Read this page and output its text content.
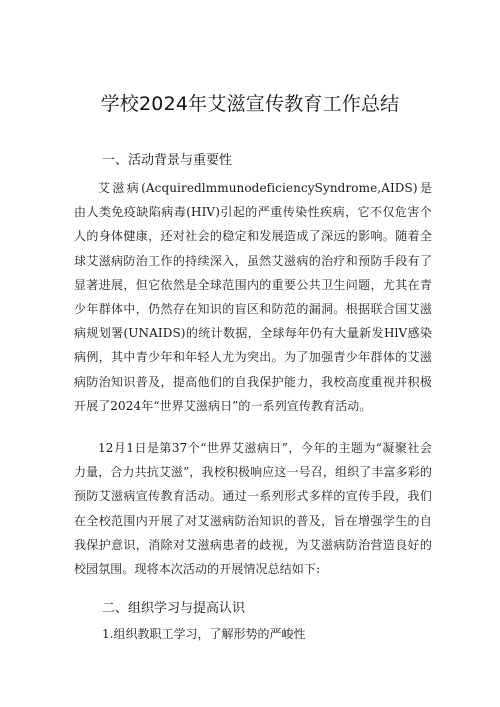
学校2024年艾滋宣传教育工作总结
一、活动背景与重要性

艾滋病(AcquiredlmmunodeficiencySyndrome,AIDS)是由人类免疫缺陷病毒(HIV)引起的严重传染性疾病，它不仅危害个人的身体健康，还对社会的稳定和发展造成了深远的影响。随着全球艾滋病防治工作的持续深入，虽然艾滋病的治疗和预防手段有了显著进展，但它依然是全球范围内的重要公共卫生问题，尤其在青少年群体中，仍然存在知识的盲区和防范的漏洞。根据联合国艾滋病规划署(UNAIDS)的统计数据，全球每年仍有大量新发HlV感染病例，其中青少年和年轻人尤为突出。为了加强青少年群体的艾滋病防治知识普及，提高他们的自我保护能力，我校高度重视并积极开展了2024年“世界艾滋病日”的一系列宣传教育活动。

12月1日是第37个“世界艾滋病日”，今年的主题为“凝聚社会力量，合力共抗艾滋”，我校积极响应这一号召，组织了丰富多彩的预防艾滋病宣传教育活动。通过一系列形式多样的宣传手段，我们在全校范围内开展了对艾滋病防治知识的普及，旨在增强学生的自我保护意识，消除对艾滋病患者的歧视，为艾滋病防治营造良好的校园氛围。现将本次活动的开展情况总结如下:

二、组织学习与提高认识
1.组织教职工学习，了解形势的严峻性
